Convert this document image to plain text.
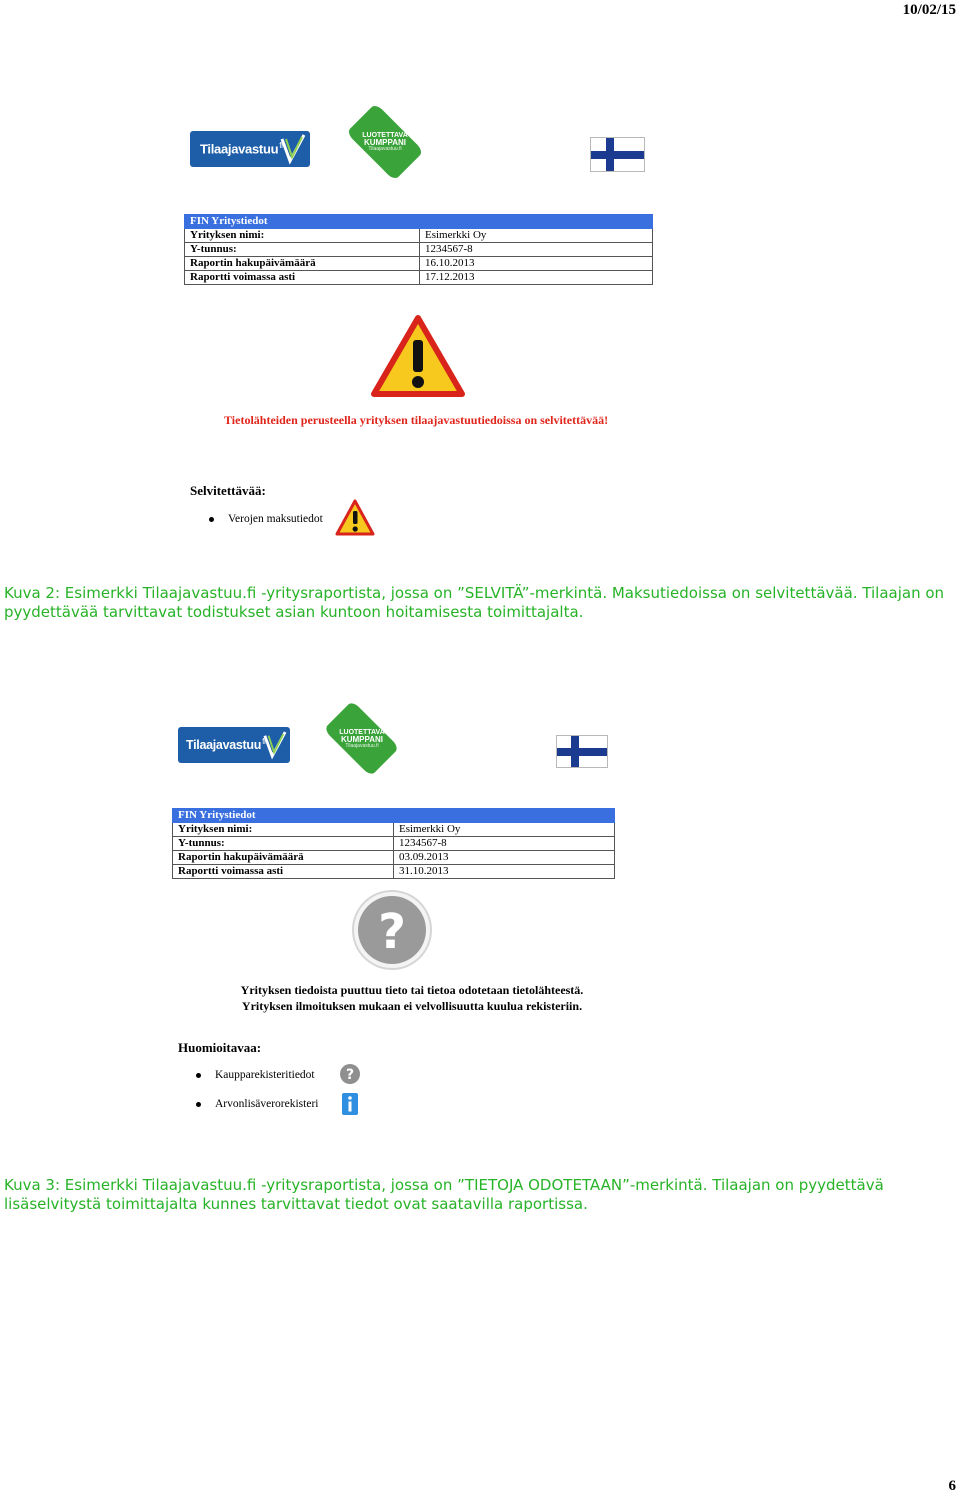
10/02/15
Tilaajavastuu$^{fi}$
LUOTETTAVA
KUMPPANI
Tilaajavastuu.fi
FIN Yritystiedot	
Yrityksen nimi:	Esimerkki Oy
Y-tunnus:	1234567-8
Raportin hakupäivämäärä	16.10.2013
Raportti voimassa asti	17.12.2013
Tietolähteiden perusteella yrityksen tilaajavastuutiedoissa on selvitettävää!
Selvitettävää:
Verojen maksutiedot
Kuva 2: Esimerkki Tilaajavastuu.fi -yritysraportista, jossa on ”SELVITÄ”-merkintä. Maksutiedoissa on selvitettävää. Tilaajan on pyydettävää tarvittavat todistukset asian kuntoon hoitamisesta toimittajalta.
Tilaajavastuu$^{fi}$
LUOTETTAVA
KUMPPANI
Tilaajavastuu.fi
FIN Yritystiedot	
Yrityksen nimi:	Esimerkki Oy
Y-tunnus:	1234567-8
Raportin hakupäivämäärä	03.09.2013
Raportti voimassa asti	31.10.2013
?
Yrityksen tiedoista puuttuu tieto tai tietoa odotetaan tietolähteestä.
Yrityksen ilmoituksen mukaan ei velvollisuutta kuulua rekisteriin.
Huomioitavaa:
Kaupparekisteritiedot ?
Arvonlisäverorekisteri
Kuva 3: Esimerkki Tilaajavastuu.fi -yritysraportista, jossa on ”TIETOJA ODOTETAAN”-merkintä. Tilaajan on pyydettävä lisäselvitystä toimittajalta kunnes tarvittavat tiedot ovat saatavilla raportissa.
6
